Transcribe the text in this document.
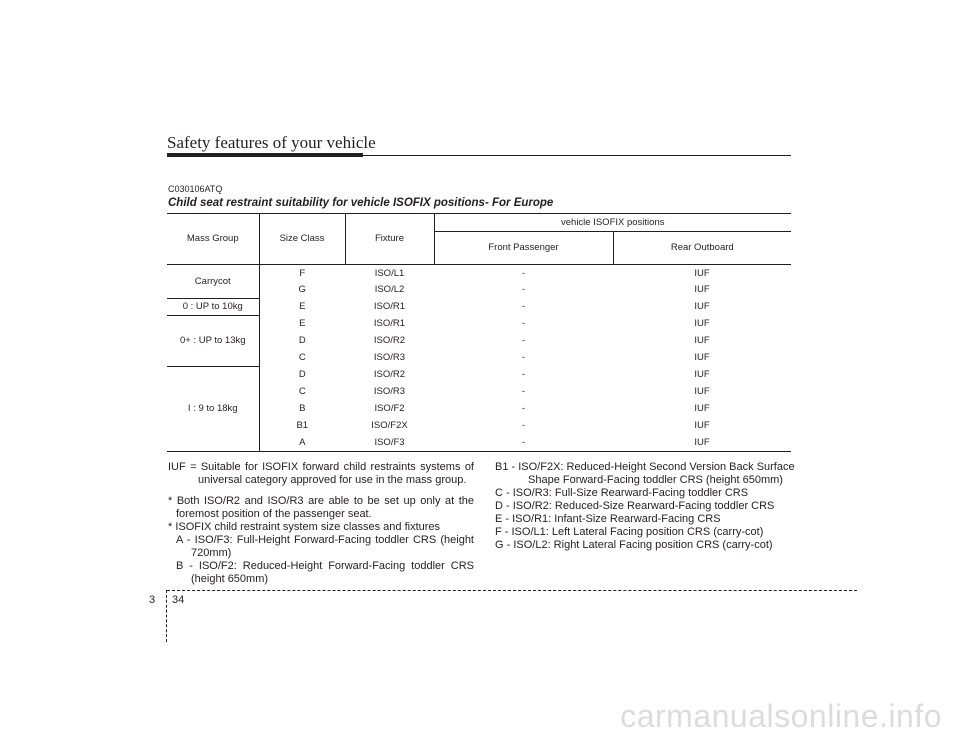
Safety features of your vehicle
C030106ATQ
Child seat restraint suitability for vehicle ISOFIX positions- For Europe
Mass Group	Size Class	Fixture	vehicle ISOFIX positions	
			Front Passenger	Rear Outboard
Carrycot	F	ISO/L1	-	IUF
	G	ISO/L2	-	IUF
0 : UP to 10kg	E	ISO/R1	-	IUF
0+ : UP to 13kg	E	ISO/R1	-	IUF
	D	ISO/R2	-	IUF
	C	ISO/R3	-	IUF
I : 9 to 18kg	D	ISO/R2	-	IUF
	C	ISO/R3	-	IUF
	B	ISO/F2	-	IUF
	B1	ISO/F2X	-	IUF
	A	ISO/F3	-	IUF

IUF = Suitable for ISOFIX forward child restraints systems of universal category approved for use in the mass group.

* Both ISO/R2 and ISO/R3 are able to be set up only at the foremost position of the passenger seat.

* ISOFIX child restraint system size classes and fixtures

A - ISO/F3: Full-Height Forward-Facing toddler CRS (height 720mm)

B - ISO/F2: Reduced-Height Forward-Facing toddler CRS (height 650mm)

B1 - ISO/F2X: Reduced-Height Second Version Back Surface Shape Forward-Facing toddler CRS (height 650mm)

C - ISO/R3: Full-Size Rearward-Facing toddler CRS

D - ISO/R2: Reduced-Size Rearward-Facing toddler CRS

E - ISO/R1: Infant-Size Rearward-Facing CRS

F - ISO/L1: Left Lateral Facing position CRS (carry-cot)

G - ISO/L2: Right Lateral Facing position CRS (carry-cot)

3 34
carmanualsonline.info
